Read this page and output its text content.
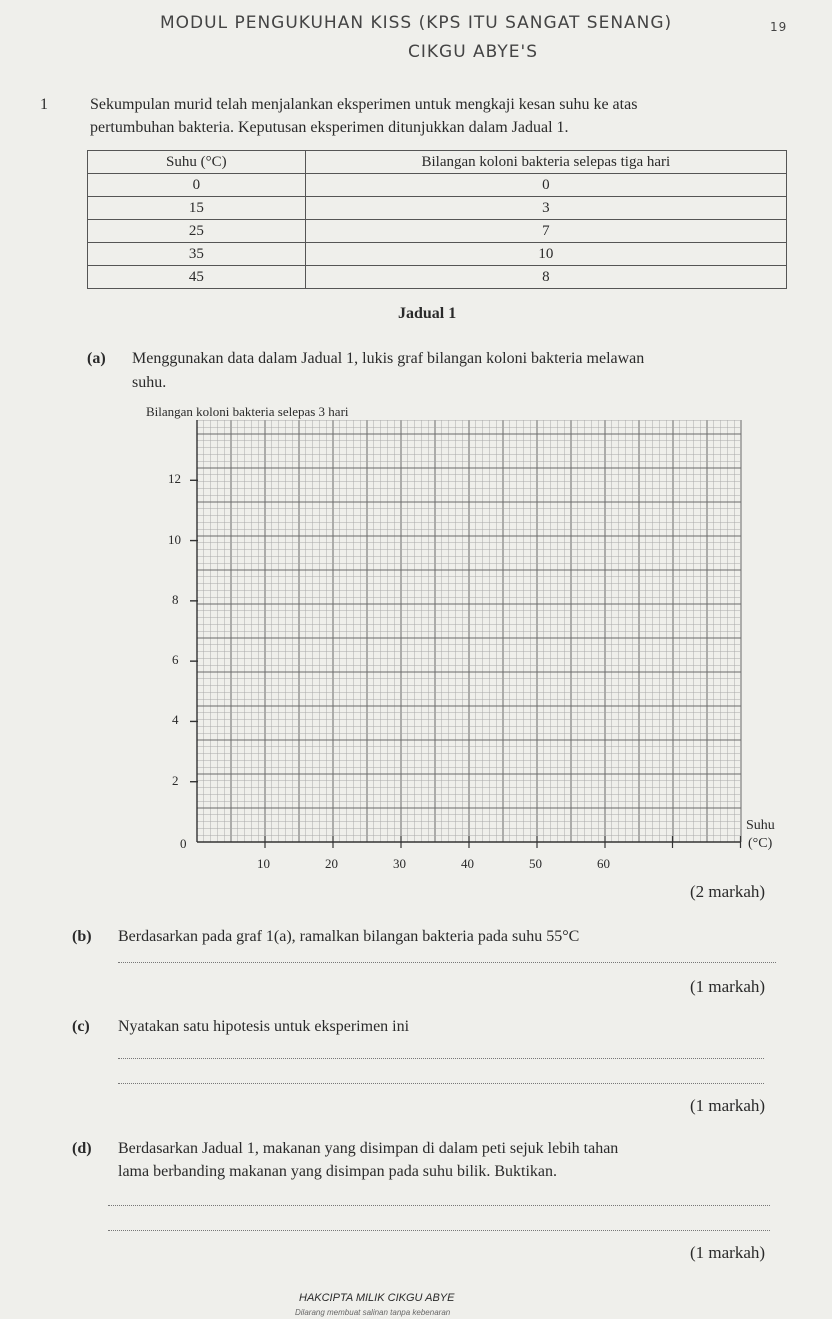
MODUL PENGUKUHAN KISS (KPS ITU SANGAT SENANG)
CIKGU ABYE'S
19
1	Sekumpulan murid telah menjalankan eksperimen untuk mengkaji kesan suhu ke atas
pertumbuhan bakteria. Keputusan eksperimen ditunjukkan dalam Jadual 1.
Suhu (°C)	Bilangan koloni bakteria selepas tiga hari
0	0
15	3
25	7
35	10
45	8
Jadual 1
(a) Menggunakan data dalam Jadual 1, lukis graf bilangan koloni bakteria melawan
suhu.
Bilangan koloni bakteria selepas 3 hari
0
10	20	30	40	50	60
2
4
6
8
10
12
Suhu
(°C)
(2 markah)
(b) Berdasarkan pada graf 1(a), ramalkan bilangan bakteria pada suhu 55°C
(1 markah)
(c) Nyatakan satu hipotesis untuk eksperimen ini
(1 markah)
(d) Berdasarkan Jadual 1, makanan yang disimpan di dalam peti sejuk lebih tahan
lama berbanding makanan yang disimpan pada suhu bilik. Buktikan.
(1 markah)
HAKCIPTA MILIK CIKGU ABYE
Dilarang membuat salinan tanpa kebenaran
